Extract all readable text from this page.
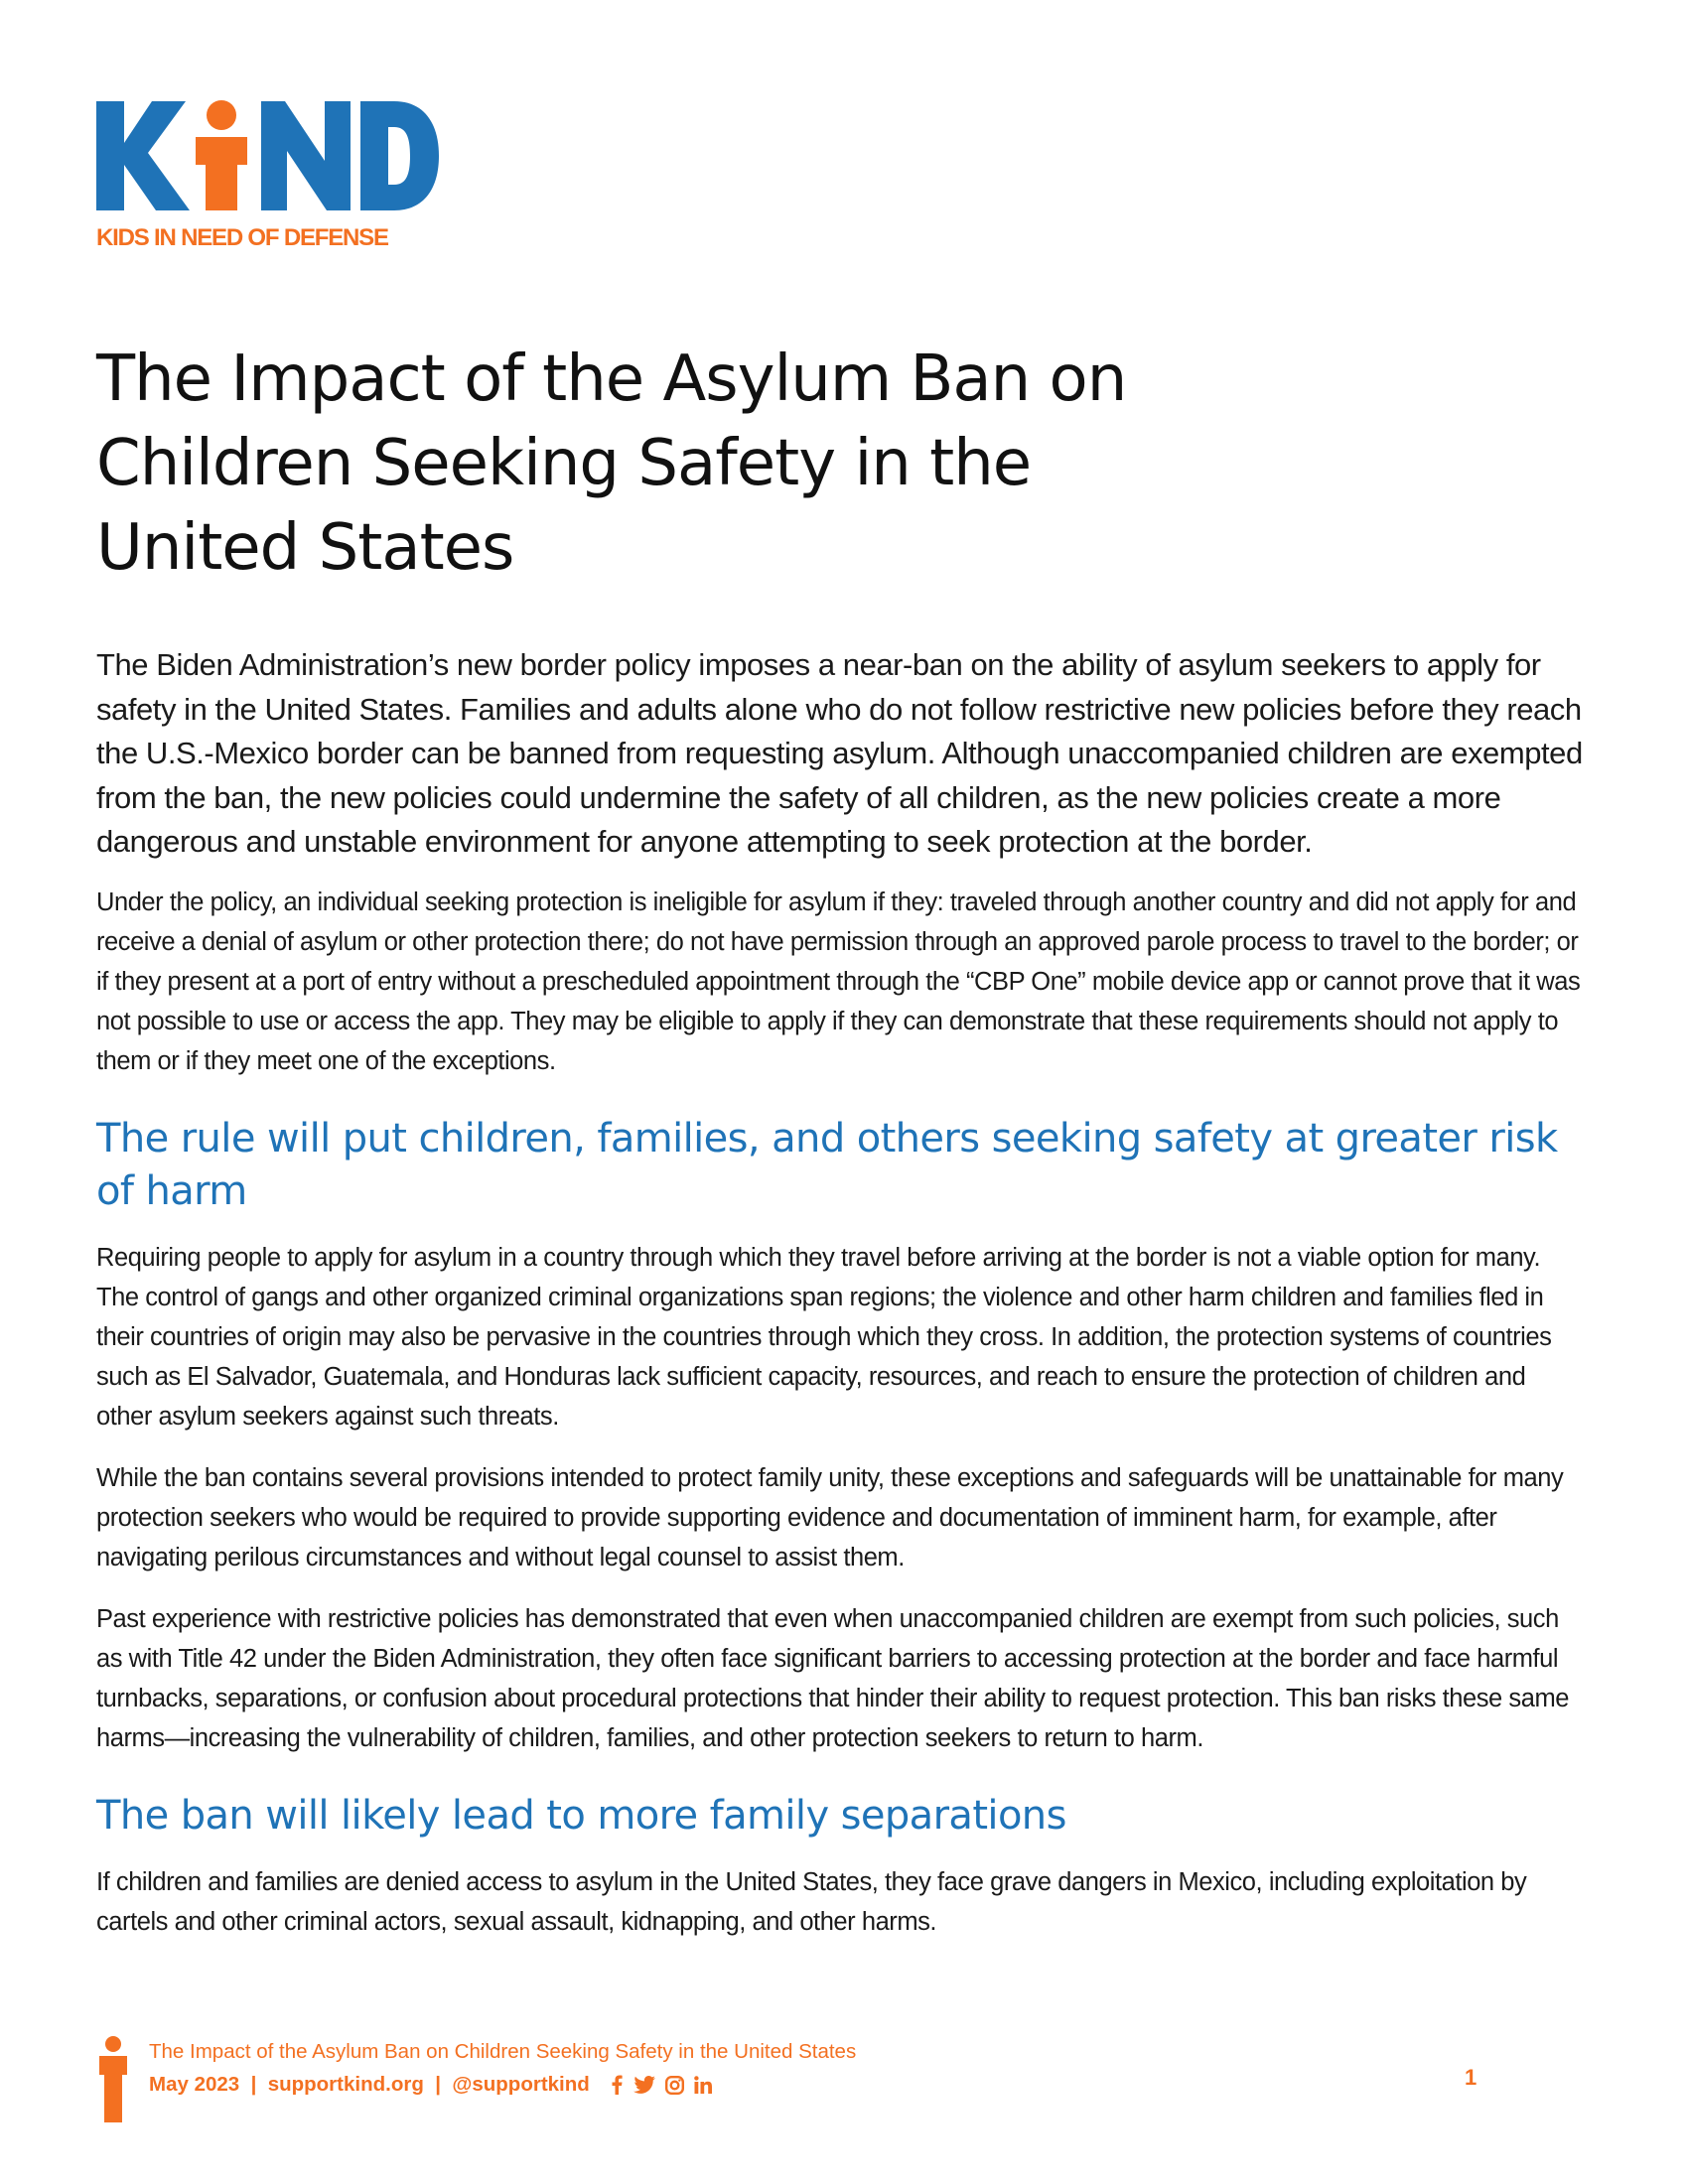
KIDS IN NEED OF DEFENSE
The Impact of the Asylum Ban on Children Seeking Safety in the United States

The Biden Administration’s new border policy imposes a near-ban on the ability of asylum seekers to apply for safety in the United States. Families and adults alone who do not follow restrictive new policies before they reach the U.S.-Mexico border can be banned from requesting asylum. Although unaccompanied children are exempted from the ban, the new policies could undermine the safety of all children, as the new policies create a more dangerous and unstable environment for anyone attempting to seek protection at the border.

Under the policy, an individual seeking protection is ineligible for asylum if they: traveled through another country and did not apply for and receive a denial of asylum or other protection there; do not have permission through an approved parole process to travel to the border; or if they present at a port of entry without a prescheduled appointment through the “CBP One” mobile device app or cannot prove that it was not possible to use or access the app. They may be eligible to apply if they can demonstrate that these requirements should not apply to them or if they meet one of the exceptions.

The rule will put children, families, and others seeking safety at greater risk of harm

Requiring people to apply for asylum in a country through which they travel before arriving at the border is not a viable option for many. The control of gangs and other organized criminal organizations span regions; the violence and other harm children and families fled in their countries of origin may also be pervasive in the countries through which they cross. In addition, the protection systems of countries such as El Salvador, Guatemala, and Honduras lack sufficient capacity, resources, and reach to ensure the protection of children and other asylum seekers against such threats.

While the ban contains several provisions intended to protect family unity, these exceptions and safeguards will be unattainable for many protection seekers who would be required to provide supporting evidence and documentation of imminent harm, for example, after navigating perilous circumstances and without legal counsel to assist them.

Past experience with restrictive policies has demonstrated that even when unaccompanied children are exempt from such policies, such as with Title 42 under the Biden Administration, they often face significant barriers to accessing protection at the border and face harmful turnbacks, separations, or confusion about procedural protections that hinder their ability to request protection. This ban risks these same harms—increasing the vulnerability of children, families, and other protection seekers to return to harm.

The ban will likely lead to more family separations

If children and families are denied access to asylum in the United States, they face grave dangers in Mexico, including exploitation by cartels and other criminal actors, sexual assault, kidnapping, and other harms.

The Impact of the Asylum Ban on Children Seeking Safety in the United States
May 2023  |  supportkind.org  |  @supportkind	1
